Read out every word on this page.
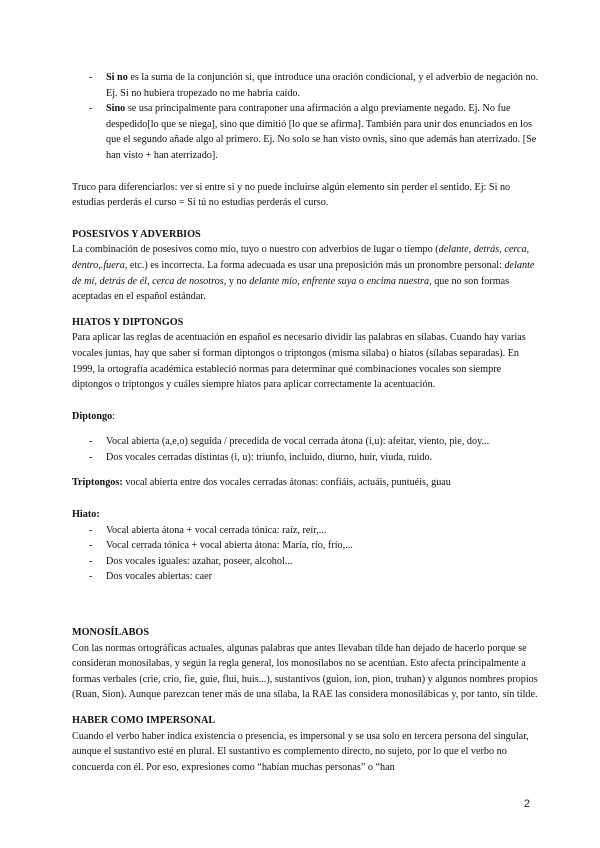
- Si no es la suma de la conjunción si, que introduce una oración condicional, y el adverbio de negación no. Ej. Si no hubiera tropezado no me habría caído.
- Sino se usa principalmente para contraponer una afirmación a algo previamente negado. Ej. No fue despedido[lo que se niega], sino que dimitió [lo que se afirma]. También para unir dos enunciados en los que el segundo añade algo al primero. Ej. No solo se han visto ovnis, sino que además han aterrizado. [Se han visto + han aterrizado].

Truco para diferenciarlos: ver si entre si y no puede incluirse algún elemento sin perder el sentido. Ej: Si no estudias perderás el curso = Si tú no estudias perderás el curso.

POSESIVOS Y ADVERBIOS

La combinación de posesivos como mío, tuyo o nuestro con adverbios de lugar o tiempo (delante, detrás, cerca, dentro,.fuera, etc.) es incorrecta. La forma adecuada es usar una preposición más un pronombre personal: delante de mí, detrás de él, cerca de nosotros, y no delante mío, enfrente suya o encima nuestra, que no son formas aceptadas en el español estándar.

HIATOS Y DIPTONGOS

Para aplicar las reglas de acentuación en español es necesario dividir las palabras en sílabas. Cuando hay varias vocales juntas, hay que saber si forman diptongos o triptongos (misma sílaba) o hiatos (sílabas separadas). En 1999, la ortografía académica estableció normas para determinar qué combinaciones vocales son siempre diptongos o triptongos y cuáles siempre hiatos para aplicar correctamente la acentuación.

Diptongo:

- Vocal abierta (a,e,o) seguida / precedida de vocal cerrada átona (i,u): afeitar, viento, pie, doy...
- Dos vocales cerradas distintas (i, u): triunfo, incluido, diurno, huir, viuda, ruido.

Triptongos: vocal abierta entre dos vocales cerradas átonas: confiáis, actuáis, puntuéis, guau

Hiato:

- Vocal abierta átona + vocal cerrada tónica: raíz, reír,...
- Vocal cerrada tónica + vocal abierta átona: María, río, frío,...
- Dos vocales iguales: azahar, poseer, alcohol...
- Dos vocales abiertas: caer

MONOSÍLABOS

Con las normas ortográficas actuales, algunas palabras que antes llevaban tilde han dejado de hacerlo porque se consideran monosílabas, y según la regla general, los monosílabos no se acentúan. Esto afecta principalmente a formas verbales (crie, crio, fie, guie, flui, huis...), sustantivos (guion, ion, pion, truhan) y algunos nombres propios (Ruan, Sion). Aunque parezcan tener más de una sílaba, la RAE las considera monosilábicas y, por tanto, sin tilde.

HABER COMO IMPERSONAL

Cuando el verbo haber indica existencia o presencia, es impersonal y se usa solo en tercera persona del singular, aunque el sustantivo esté en plural. El sustantivo es complemento directo, no sujeto, por lo que el verbo no concuerda con él. Por eso, expresiones como “habían muchas personas” o “han

2
